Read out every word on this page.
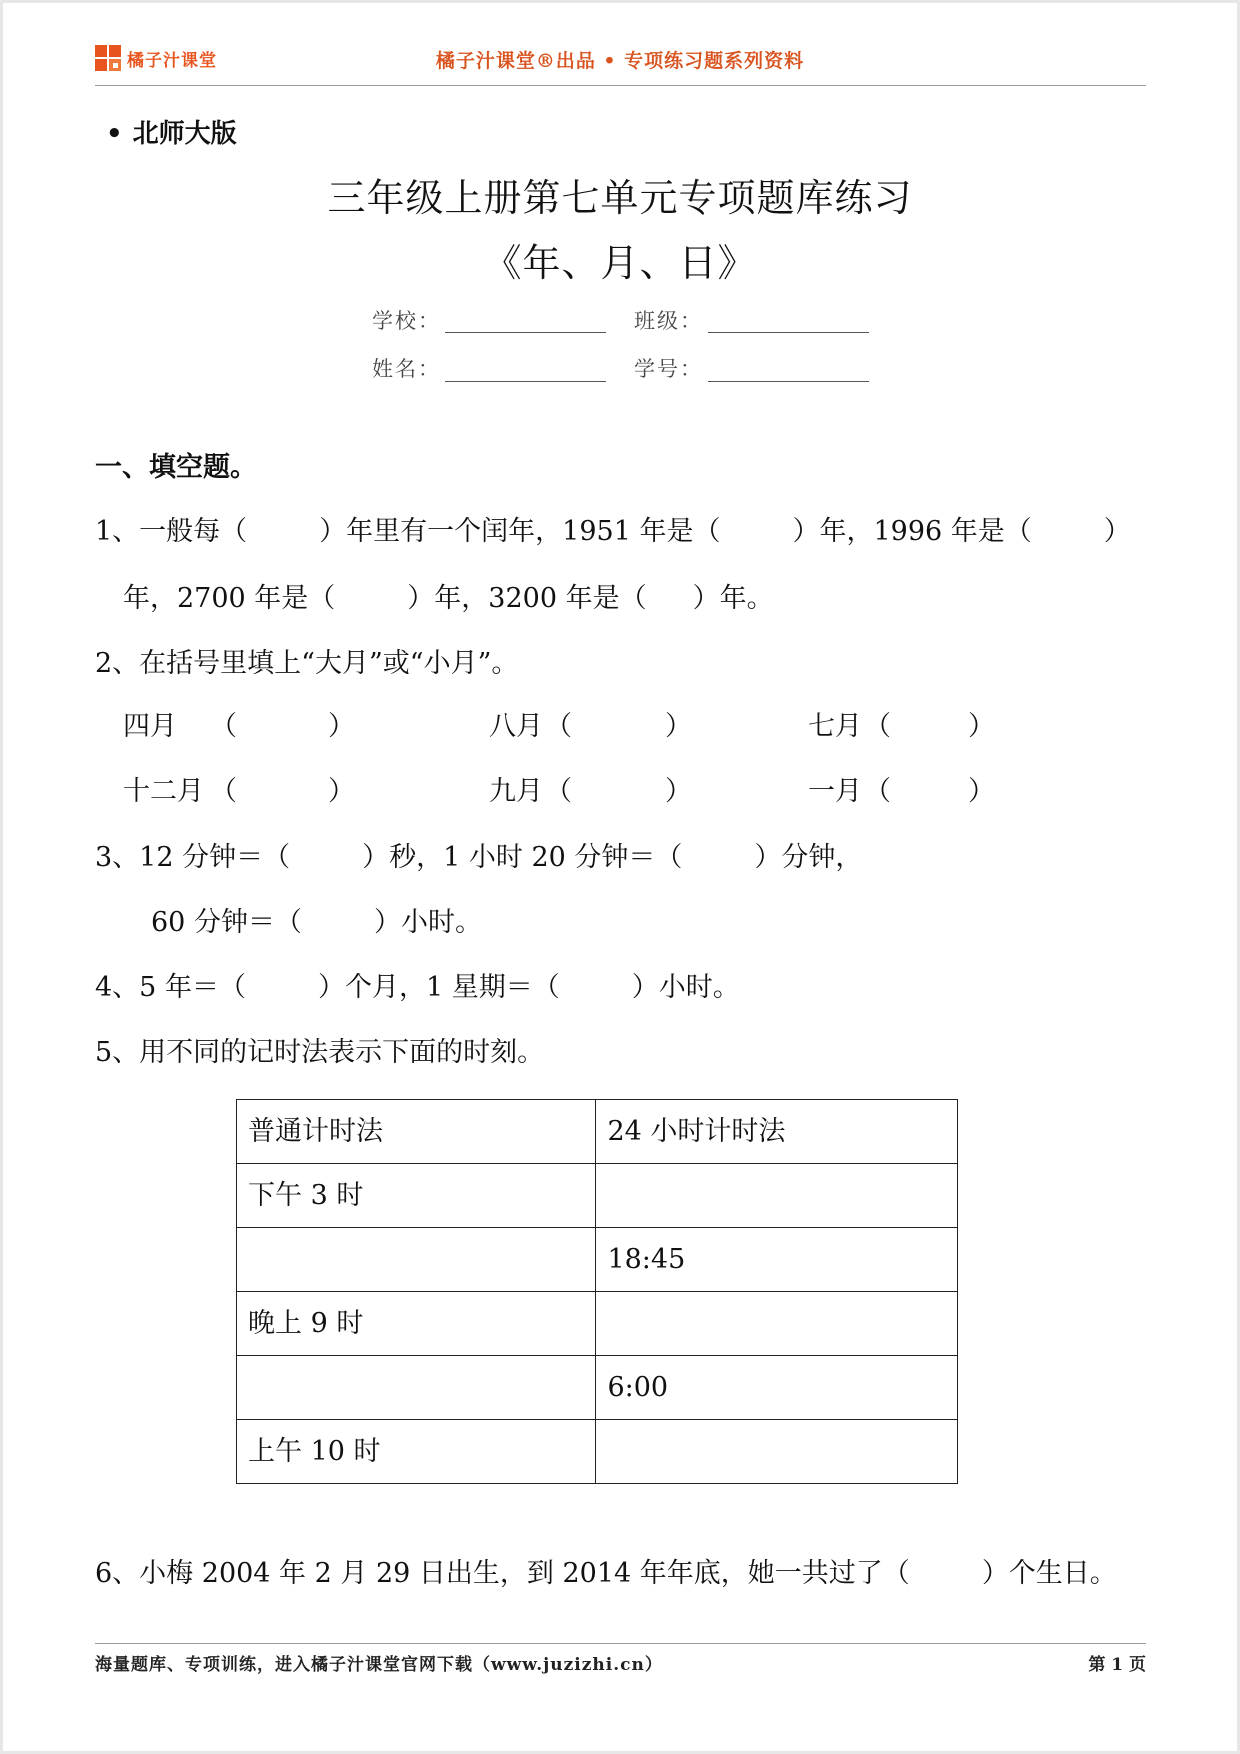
橘子汁课堂	橘子汁课堂®出品 • 专项练习题系列资料
• 北师大版
三年级上册第七单元专项题库练习
《年、月、日》
学校：	班级：
姓名：	学号：
一、填空题。
1、一般每（	）年里有一个闰年，1951 年是（	）年，1996 年是（	）
年，2700 年是（	）年，3200 年是（ ）年。
2、在括号里填上“大月”或“小月”。
四月 （	）	八月 （	）	七月 （	）
十二月 （	）	九月 （	）	一月 （	）
3、12 分钟＝（	）秒，1 小时 20 分钟＝（	）分钟，
60 分钟＝（	）小时。
4、5 年＝（	）个月，1 星期＝（	）小时。
5、用不同的记时法表示下面的时刻。
普通计时法	24 小时计时法
下午 3 时	
	18:45
晚上 9 时	
	6:00
上午 10 时	
6、小梅 2004 年 2 月 29 日出生，到 2014 年年底，她一共过了（	）个生日。
海量题库、专项训练，进入橘子汁课堂官网下载（www.juzizhi.cn）	第 1 页
